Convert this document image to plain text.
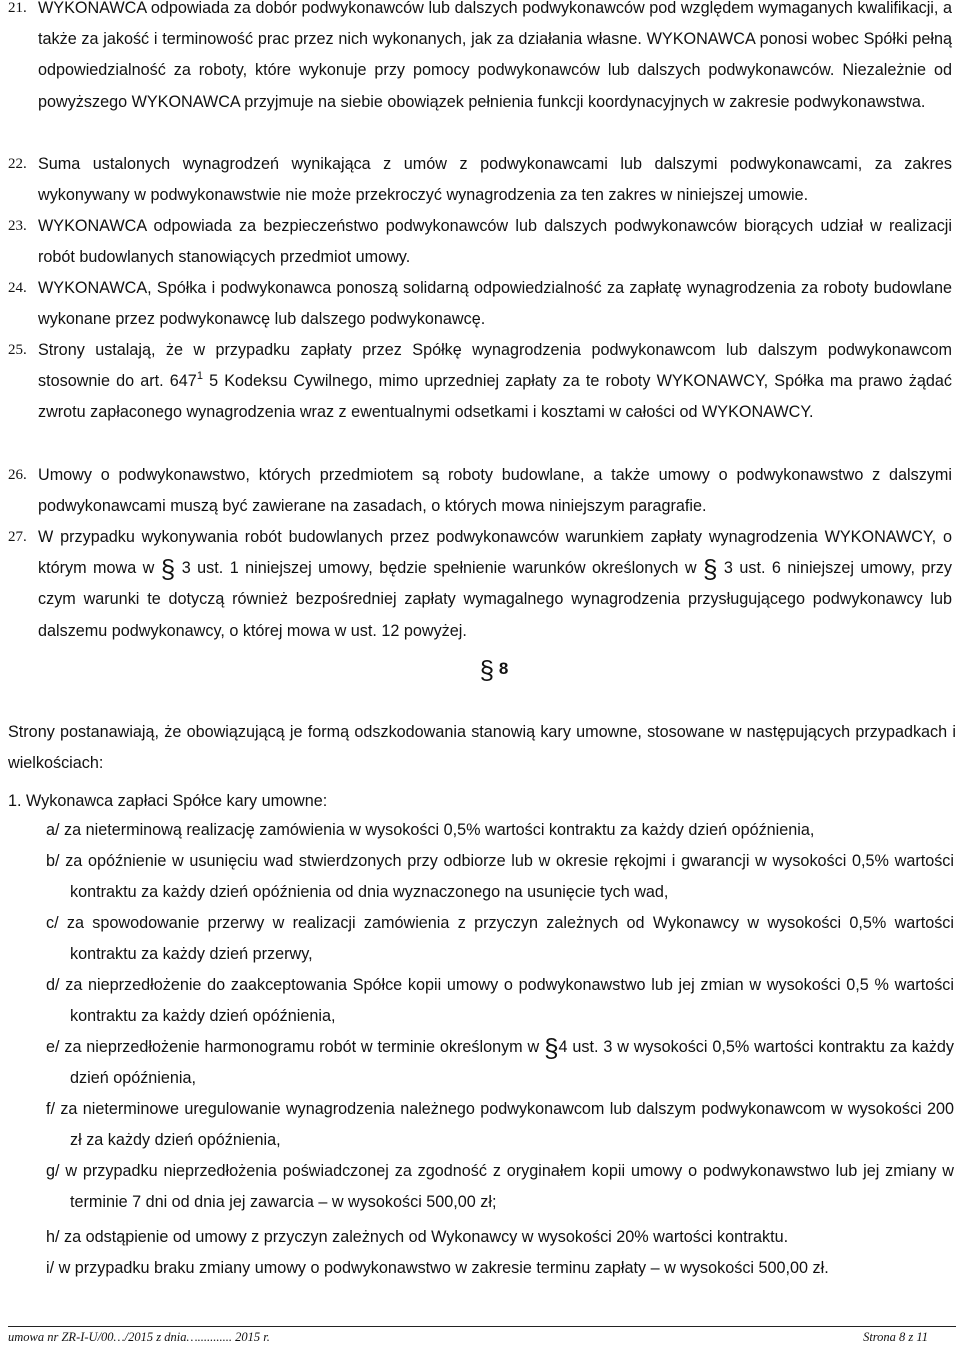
21. WYKONAWCA odpowiada za dobór podwykonawców lub dalszych podwykonawców pod względem wymaganych kwalifikacji, a także za jakość i terminowość prac przez nich wykonanych, jak za działania własne. WYKONAWCA ponosi wobec Spółki pełną odpowiedzialność za roboty, które wykonuje przy pomocy podwykonawców lub dalszych podwykonawców. Niezależnie od powyższego WYKONAWCA przyjmuje na siebie obowiązek pełnienia funkcji koordynacyjnych w zakresie podwykonawstwa.
22. Suma ustalonych wynagrodzeń wynikająca z umów z podwykonawcami lub dalszymi podwykonawcami, za zakres wykonywany w podwykonawstwie nie może przekroczyć wynagrodzenia za ten zakres w niniejszej umowie.
23. WYKONAWCA odpowiada za bezpieczeństwo podwykonawców lub dalszych podwykonawców biorących udział w realizacji robót budowlanych stanowiących przedmiot umowy.
24. WYKONAWCA, Spółka i podwykonawca ponoszą solidarną odpowiedzialność za zapłatę wynagrodzenia za roboty budowlane wykonane przez podwykonawcę lub dalszego podwykonawcę.
25. Strony ustalają, że w przypadku zapłaty przez Spółkę wynagrodzenia podwykonawcom lub dalszym podwykonawcom stosownie do art. $647^1$ 5 Kodeksu Cywilnego, mimo uprzedniej zapłaty za te roboty WYKONAWCY, Spółka ma prawo żądać zwrotu zapłaconego wynagrodzenia wraz z ewentualnymi odsetkami i kosztami w całości od WYKONAWCY.
26. Umowy o podwykonawstwo, których przedmiotem są roboty budowlane, a także umowy o podwykonawstwo z dalszymi podwykonawcami muszą być zawierane na zasadach, o których mowa niniejszym paragrafie.
27. W przypadku wykonywania robót budowlanych przez podwykonawców warunkiem zapłaty wynagrodzenia WYKONAWCY, o którym mowa w § 3 ust. 1 niniejszej umowy, będzie spełnienie warunków określonych w § 3 ust. 6 niniejszej umowy, przy czym warunki te dotyczą również bezpośredniej zapłaty wymagalnego wynagrodzenia przysługującego podwykonawcy lub dalszemu podwykonawcy, o której mowa w ust. 12 powyżej.
§ 8
Strony postanawiają, że obowiązującą je formą odszkodowania stanowią kary umowne, stosowane w następujących przypadkach i wielkościach:
1. Wykonawca zapłaci Spółce kary umowne:
a/ za nieterminową realizację zamówienia w wysokości 0,5% wartości kontraktu za każdy dzień opóźnienia,
b/ za opóźnienie w usunięciu wad stwierdzonych przy odbiorze lub w okresie rękojmi i gwarancji w wysokości 0,5% wartości kontraktu za każdy dzień opóźnienia od dnia wyznaczonego na usunięcie tych wad,
c/ za spowodowanie przerwy w realizacji zamówienia z przyczyn zależnych od Wykonawcy w wysokości 0,5% wartości kontraktu za każdy dzień przerwy,
d/ za nieprzedłożenie do zaakceptowania Spółce kopii umowy o podwykonawstwo lub jej zmian w wysokości 0,5 % wartości kontraktu za każdy dzień opóźnienia,
e/ za nieprzedłożenie harmonogramu robót w terminie określonym w §4 ust. 3 w wysokości 0,5% wartości kontraktu za każdy dzień opóźnienia,
f/ za nieterminowe uregulowanie wynagrodzenia należnego podwykonawcom lub dalszym podwykonawcom w wysokości 200 zł za każdy dzień opóźnienia,
g/ w przypadku nieprzedłożenia poświadczonej za zgodność z oryginałem kopii umowy o podwykonawstwo lub jej zmiany w terminie 7 dni od dnia jej zawarcia – w wysokości 500,00 zł;
h/ za odstąpienie od umowy z przyczyn zależnych od Wykonawcy w wysokości 20% wartości kontraktu.
i/ w przypadku braku zmiany umowy o podwykonawstwo w zakresie terminu zapłaty – w wysokości 500,00 zł.
umowa nr ZR-I-U/00…/2015 z dnia…........... 2015 r.	Strona 8 z 11
